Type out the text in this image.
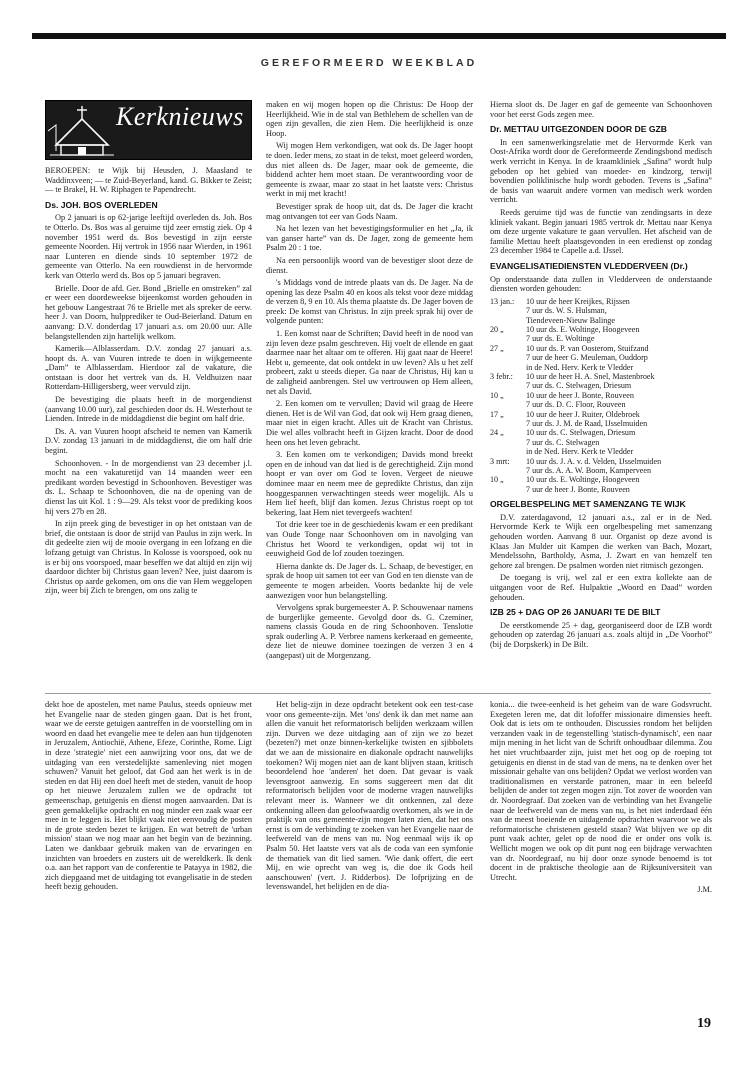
GEREFORMEERD WEEKBLAD
Kerknieuws

BEROEPEN: te Wijk bij Heusden, J. Maasland te Waddinxveen; — te Zuid-Beyerland, kand. G. Bikker te Zeist; — te Brakel, H. W. Riphagen te Papendrecht.

Ds. JOH. BOS OVERLEDEN

Op 2 januari is op 62-jarige leeftijd overleden ds. Joh. Bos te Otterlo. Ds. Bos was al geruime tijd zeer ernstig ziek. Op 4 november 1951 werd ds. Bos bevestigd in zijn eerste gemeente Noorden. Hij vertrok in 1956 naar Wierden, in 1961 naar Lunteren en diende sinds 10 september 1972 de gemeente van Otterlo. Na een rouwdienst in de hervormde kerk van Otterlo werd ds. Bos op 5 januari begraven.

Brielle. Door de afd. Ger. Bond „Brielle en omstreken” zal er weer een doordeweekse bijeenkomst worden gehouden in het gebouw Langestraat 76 te Brielle met als spreker de eerw. heer J. van Doorn, hulpprediker te Oud-Beierland. Datum en aanvang: D.V. donderdag 17 januari a.s. om 20.00 uur. Alle belangstellenden zijn hartelijk welkom.

Kamerik—Alblasserdam. D.V. zondag 27 januari a.s. hoopt ds. A. van Vuuren intrede te doen in wijkgemeente „Dam” te Alblasserdam. Hierdoor zal de vakature, die ontstaan is door het vertrek van ds. H. Veldhuizen naar Rotterdam-Hilligersberg, weer vervuld zijn.

De bevestiging die plaats heeft in de morgendienst (aanvang 10.00 uur), zal geschieden door ds. H. Westerhout te Lienden. Intrede in de middagdienst die begint om half drie.

Ds. A. van Vuuren hoopt afscheid te nemen van Kamerik D.V. zondag 13 januari in de middagdienst, die om half drie begint.

Schoonhoven. - In de morgendienst van 23 december j.l. mocht na een vakaturetijd van 14 maanden weer een predikant worden bevestigd in Schoonhoven. Bevestiger was ds. L. Schaap te Schoonhoven, die na de opening van de dienst las uit Kol. 1 : 9—29. Als tekst voor de prediking koos hij vers 27b en 28.

In zijn preek ging de bevestiger in op het ontstaan van de brief, die ontstaan is door de strijd van Paulus in zijn werk. In dit gedeelte zien wij de mooie overgang in een lofzang en die lofzang getuigt van Christus. In Kolosse is voorspoed, ook nu is er bij ons voorspoed, maar beseffen we dat altijd en zijn wij daardoor dichter bij Christus gaan leven? Nee, juist daarom is Christus op aarde gekomen, om ons die van Hem weggelopen zijn, weer bij Zich te brengen, om ons zalig te

maken en wij mogen hopen op die Christus: De Hoop der Heerlijkheid. Wie in de stal van Bethlehem de schellen van de ogen zijn gevallen, die zien Hem. Die heerlijkheid is onze Hoop.

Wij mogen Hem verkondigen, wat ook ds. De Jager hoopt te doen. Ieder mens, zo staat in de tekst, moet geleerd worden, dus niet alleen ds. De Jager, maar ook de gemeente, die biddend achter hem moet staan. De verantwoording voor de gemeente is zwaar, maar zo staat in het laatste vers: Christus werkt in mij met kracht!

Bevestiger sprak de hoop uit, dat ds. De Jager die kracht mag ontvangen tot eer van Gods Naam.

Na het lezen van het bevestigingsformulier en het „Ja, ik van ganser harte” van ds. De Jager, zong de gemeente hem Psalm 20 : 1 toe.

Na een persoonlijk woord van de bevestiger sloot deze de dienst.

's Middags vond de intrede plaats van ds. De Jager. Na de opening las deze Psalm 40 en koos als tekst voor deze middag de verzen 8, 9 en 10. Als thema plaatste ds. De Jager boven de preek: De komst van Christus. In zijn preek sprak hij over de volgende punten:

1. Een komst naar de Schriften; David heeft in de nood van zijn leven deze psalm geschreven. Hij voelt de ellende en gaat daarmee naar het altaar om te offeren. Hij gaat naar de Heere! Hebt u, gemeente, dat ook ontdekt in uw leven? Als u het zelf probeert, zakt u steeds dieper. Ga naar de Christus, Hij kan u de zaligheid aanbrengen. Stel uw vertrouwen op Hem alleen, net als David.

2. Een komen om te vervullen; David wil graag de Heere dienen. Het is de Wil van God, dat ook wij Hem graag dienen, maar niet in eigen kracht. Alles uit de Kracht van Christus. Die wel alles volbracht heeft in Gijzen kracht. Door de dood heen ons het leven gebracht.

3. Een komen om te verkondigen; Davids mond breekt open en de inhoud van dat lied is de gerechtigheid. Zijn mond hoopt er van over om God te loven. Vergeet de nieuwe dominee maar en neem mee de gepredikte Christus, dan zijn hooggespannen verwachtingen steeds weer mogelijk. Als u Hem lief heeft, blijf dan komen. Jezus Christus roept op tot bekering, laat Hem niet tevergeefs wachten!

Tot drie keer toe in de geschiedenis kwam er een predikant van Oude Tonge naar Schoonhoven om in navolging van Christus het Woord te verkondigen, opdat wij tot in eeuwigheid God de lof zouden toezingen.

Hierna dankte ds. De Jager ds. L. Schaap, de bevestiger, en sprak de hoop uit samen tot eer van God en ten dienste van de gemeente te mogen arbeiden. Voorts bedankte hij de vele aanwezigen voor hun belangstelling.

Vervolgens sprak burgemeester A. P. Schouwenaar namens de burgerlijke gemeente. Gevolgd door ds. G. Czeminer, namens classis Gouda en de ring Schoonhoven. Tenslotte sprak ouderling A. P. Verbree namens kerkeraad en gemeente, deze liet de nieuwe dominee toezingen de verzen 3 en 4 (aangepast) uit de Morgenzang.

Hierna sloot ds. De Jager en gaf de gemeente van Schoonhoven voor het eerst Gods zegen mee.

Dr. METTAU UITGEZONDEN DOOR DE GZB

In een samenwerkingsrelatie met de Hervormde Kerk van Oost-Afrika wordt door de Gereformeerde Zendingsbond medisch werk verricht in Kenya. In de kraamkliniek „Safina” wordt hulp geboden op het gebied van moeder- en kindzorg, terwijl bovendien poliklinische hulp wordt geboden. Tevens is „Safina” de basis van waaruit andere vormen van medisch werk worden verricht.

Reeds geruime tijd was de functie van zendingsarts in deze kliniek vakant. Begin januari 1985 vertrok dr. Mettau naar Kenya om deze urgente vakature te gaan vervullen. Het afscheid van de familie Mettau heeft plaatsgevonden in een eredienst op zondag 23 december 1984 te Capelle a.d. IJssel.

EVANGELISATIEDIENSTEN VLEDDERVEEN (Dr.)

Op onderstaande data zullen in Vledderveen de onderstaande diensten worden gehouden:

13 jan.:	10 uur de heer Kreijkes, Rijssen
	7 uur ds. W. S. Hulsman,
	Tiendeveen-Nieuw Balinge
20 „	10 uur ds. E. Woltinge, Hoogeveen
	7 uur ds. E. Woltinge
27 „	10 uur ds. P. van Oosterom, Stuifzand
	7 uur de heer G. Meuleman, Ouddorp
	in de Ned. Herv. Kerk te Vledder
3 febr.:	10 uur de heer H. A. Snel, Mastenbroek
	7 uur ds. C. Stelwagen, Driesum
10 „	10 uur de heer J. Bonte, Rouveen
	7 uur ds. D. C. Floor, Rouveen
17 „	10 uur de heer J. Ruiter, Oldebroek
	7 uur ds. J. M. de Raad, IJsselmuiden
24 „	10 uur ds. C. Stelwagen, Driesum
	7 uur ds. C. Stelwagen
	in de Ned. Herv. Kerk te Vledder
3 mrt:	10 uur ds. J. A. v. d. Velden, IJsselmuiden
	7 uur ds. A. A. W. Boom, Kamperveen
10 „	10 uur ds. E. Woltinge, Hoogeveen
	7 uur de heer J. Bonte, Rouveen
ORGELBESPELING MET SAMENZANG TE WIJK

D.V. zaterdagavond, 12 januari a.s., zal er in de Ned. Hervormde Kerk te Wijk een orgelbespeling met samenzang gehouden worden. Aanvang 8 uur. Organist op deze avond is Klaas Jan Mulder uit Kampen die werken van Bach, Mozart, Mendelssohn, Bartholdy, Asma, J. Zwart en van hemzelf ten gehore zal brengen. De psalmen worden niet ritmisch gezongen.

De toegang is vrij, wel zal er een extra kollekte aan de uitgangen voor de Ref. Hulpaktie „Woord en Daad” worden gehouden.

IZB 25 + DAG OP 26 JANUARI TE DE BILT

De eerstkomende 25 + dag, georganiseerd door de IZB wordt gehouden op zaterdag 26 januari a.s. zoals altijd in „De Voorhof” (bij de Dorpskerk) in De Bilt.

dekt hoe de apostelen, met name Paulus, steeds opnieuw met het Evangelie naar de steden gingen gaan. Dat is het front, waar we de eerste getuigen aantreffen in de voorstelling om in woord en daad het evangelie mee te delen aan hun tijdgenoten in Jeruzalem, Antiochië, Athene, Efeze, Corinthe, Rome. Ligt in deze 'strategie' niet een aanwijzing voor ons, dat we de uitdaging van een verstedelijkte samenleving niet mogen schuwen? Vanuit het geloof, dat God aan het werk is in de steden en dat Hij een doel heeft met de steden, vanuit de hoop op het nieuwe Jeruzalem zullen we de opdracht tot gemeenschap, getuigenis en dienst mogen aanvaarden. Dat is geen gemakkelijke opdracht en nog minder een zaak waar eer mee in te leggen is. Het blijkt vaak niet eenvoudig de posten in de grote steden bezet te krijgen. En wat betreft de 'urban mission' staan we nog maar aan het begin van de bezinning. Laten we dankbaar gebruik maken van de ervaringen en inzichten van broeders en zusters uit de wereldkerk. Ik denk o.a. aan het rapport van de conferentie te Patayya in 1982, die zich diepgaand met de uitdaging tot evangelisatie in de steden heeft bezig gehouden.

Het belig-zijn in deze opdracht betekent ook een test-case voor ons gemeente-zijn. Met 'ons' denk ik dan met name aan allen die vanuit het reformatorisch belijden werkzaam willen zijn. Durven we deze uitdaging aan of zijn we zo bezet (bezeten?) met onze binnen-kerkelijke twisten en sjibbolets dat we aan de missionaire en diakonale opdracht nauwelijks toekomen? Wij mogen niet aan de kant blijven staan, kritisch beoordelend hoe 'anderen' het doen. Dat gevaar is vaak levensgroot aanwezig. En soms suggereert men dat dit reformatorisch belijden voor de moderne vragen nauwelijks relevant meer is. Wanneer we dit ontkennen, zal deze ontkenning alleen dan geloofwaardig overkomen, als we in de praktijk van ons gemeente-zijn mogen laten zien, dat het ons ernst is om de verbinding te zoeken van het Evangelie naar de leefwereld van de mens van nu. Nog eenmaal wijs ik op Psalm 50. Het laatste vers vat als de coda van een symfonie de thematiek van dit lied samen. 'Wie dank offert, die eert Mij, en wie oprecht van weg is, die doe ik Gods heil aanschouwen' (vert. J. Ridderbos). De lofprijzing en de levenswandel, het belijden en de dia-

konia... die twee-eenheid is het geheim van de ware Godsvrucht. Exegeten leren me, dat dit lofoffer missionaire dimensies heeft. Ook dat is iets om te onthouden. Discussies rondom het belijden verzanden vaak in de tegenstelling 'statisch-dynamisch', een naar mijn mening in het licht van de Schrift onhoudbaar dilemma. Zou het niet vruchtbaarder zijn, juist met het oog op de roeping tot getuigenis en dienst in de stad van de mens, na te denken over het missionair gehalte van ons belijden? Opdat we verlost worden van traditionalismen en verstarde patronen, maar in een beleefd belijden de ander tot zegen mogen zijn. Tot zover de woorden van dr. Noordegraaf. Dat zoeken van de verbinding van het Evangelie naar de leefwereld van de mens van nu, is het niet inderdaad één van de meest boeiende en uitdagende opdrachten waarvoor we als reformatorische christenen gesteld staan? Wat blijven we op dit punt vaak achter, gelet op de nood die er onder ons volk is. Wellicht mogen we ook op dit punt nog een bijdrage verwachten van dr. Noordegraaf, nu hij door onze synode benoemd is tot docent in de praktische theologie aan de Rijksuniversiteit van Utrecht.

J.M.
19
